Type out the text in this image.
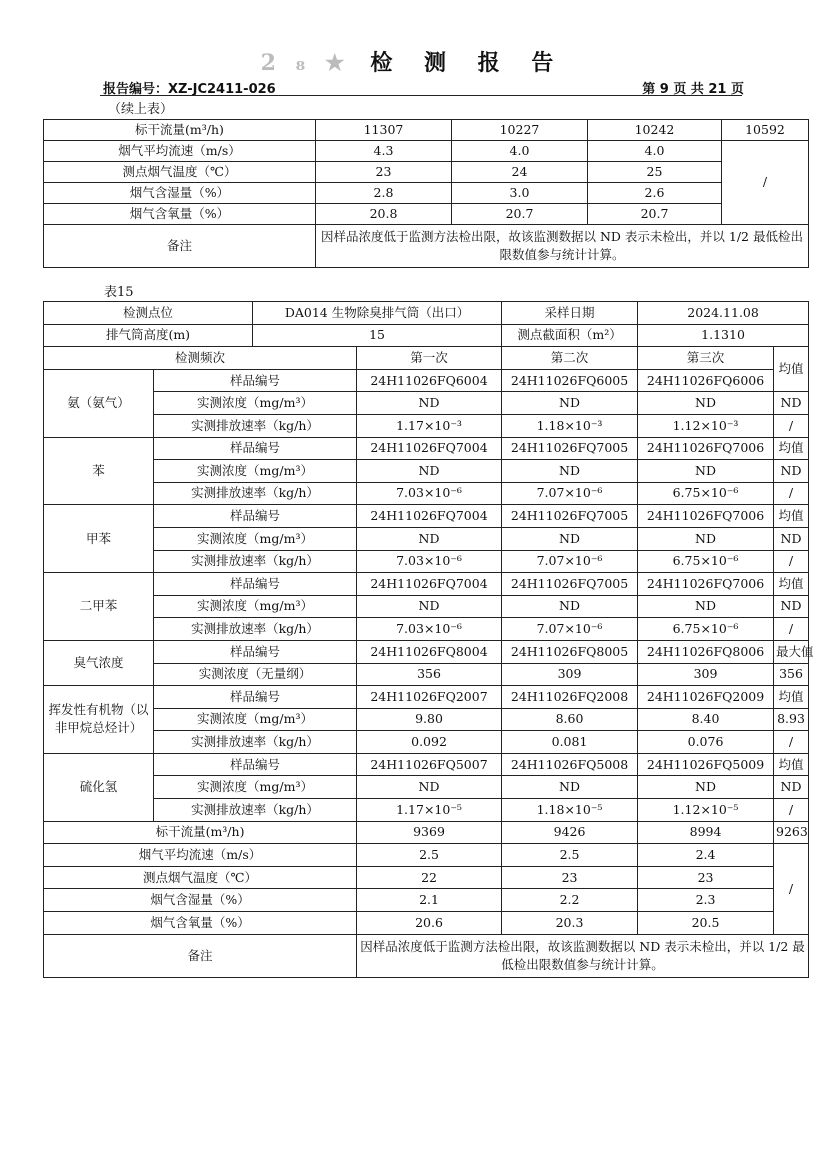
2 ₈ ★ 检 测 报 告
报告编号：XZ-JC2411-026	第 9 页 共 21 页
（续上表）
标干流量(m³/h)	11307	10227	10242	10592
烟气平均流速（m/s）	4.3	4.0	4.0	/
测点烟气温度（℃）	23	24	25	
烟气含湿量（%）	2.8	3.0	2.6	
烟气含氧量（%）	20.8	20.7	20.7	
备注	因样品浓度低于监测方法检出限，故该监测数据以 ND 表示未检出，并以 1/2 最低检出限数值参与统计计算。			
表15
检测点位		DA014 生物除臭排气筒（出口）		采样日期	2024.11.08	
排气筒高度(m)		15		测点截面积（m²）	1.1310	
检测频次			第一次	第二次	第三次	均值
氨（氨气）	样品编号		24H11026FQ6004	24H11026FQ6005	24H11026FQ6006	
	实测浓度（mg/m³）		ND	ND	ND	ND
	实测排放速率（kg/h）		1.17×10⁻³	1.18×10⁻³	1.12×10⁻³	/
苯	样品编号		24H11026FQ7004	24H11026FQ7005	24H11026FQ7006	均值
	实测浓度（mg/m³）		ND	ND	ND	ND
	实测排放速率（kg/h）		7.03×10⁻⁶	7.07×10⁻⁶	6.75×10⁻⁶	/
甲苯	样品编号		24H11026FQ7004	24H11026FQ7005	24H11026FQ7006	均值
	实测浓度（mg/m³）		ND	ND	ND	ND
	实测排放速率（kg/h）		7.03×10⁻⁶	7.07×10⁻⁶	6.75×10⁻⁶	/
二甲苯	样品编号		24H11026FQ7004	24H11026FQ7005	24H11026FQ7006	均值
	实测浓度（mg/m³）		ND	ND	ND	ND
	实测排放速率（kg/h）		7.03×10⁻⁶	7.07×10⁻⁶	6.75×10⁻⁶	/
臭气浓度	样品编号		24H11026FQ8004	24H11026FQ8005	24H11026FQ8006	最大值
	实测浓度（无量纲）		356	309	309	356
挥发性有机物（以非甲烷总烃计）	样品编号		24H11026FQ2007	24H11026FQ2008	24H11026FQ2009	均值
	实测浓度（mg/m³）		9.80	8.60	8.40	8.93
	实测排放速率（kg/h）		0.092	0.081	0.076	/
硫化氢	样品编号		24H11026FQ5007	24H11026FQ5008	24H11026FQ5009	均值
	实测浓度（mg/m³）		ND	ND	ND	ND
	实测排放速率（kg/h）		1.17×10⁻⁵	1.18×10⁻⁵	1.12×10⁻⁵	/
标干流量(m³/h)			9369	9426	8994	9263
烟气平均流速（m/s）			2.5	2.5	2.4	/
测点烟气温度（℃）			22	23	23	
烟气含湿量（%）			2.1	2.2	2.3	
烟气含氧量（%）			20.6	20.3	20.5	
备注			因样品浓度低于监测方法检出限，故该监测数据以 ND 表示未检出，并以 1/2 最低检出限数值参与统计计算。			
